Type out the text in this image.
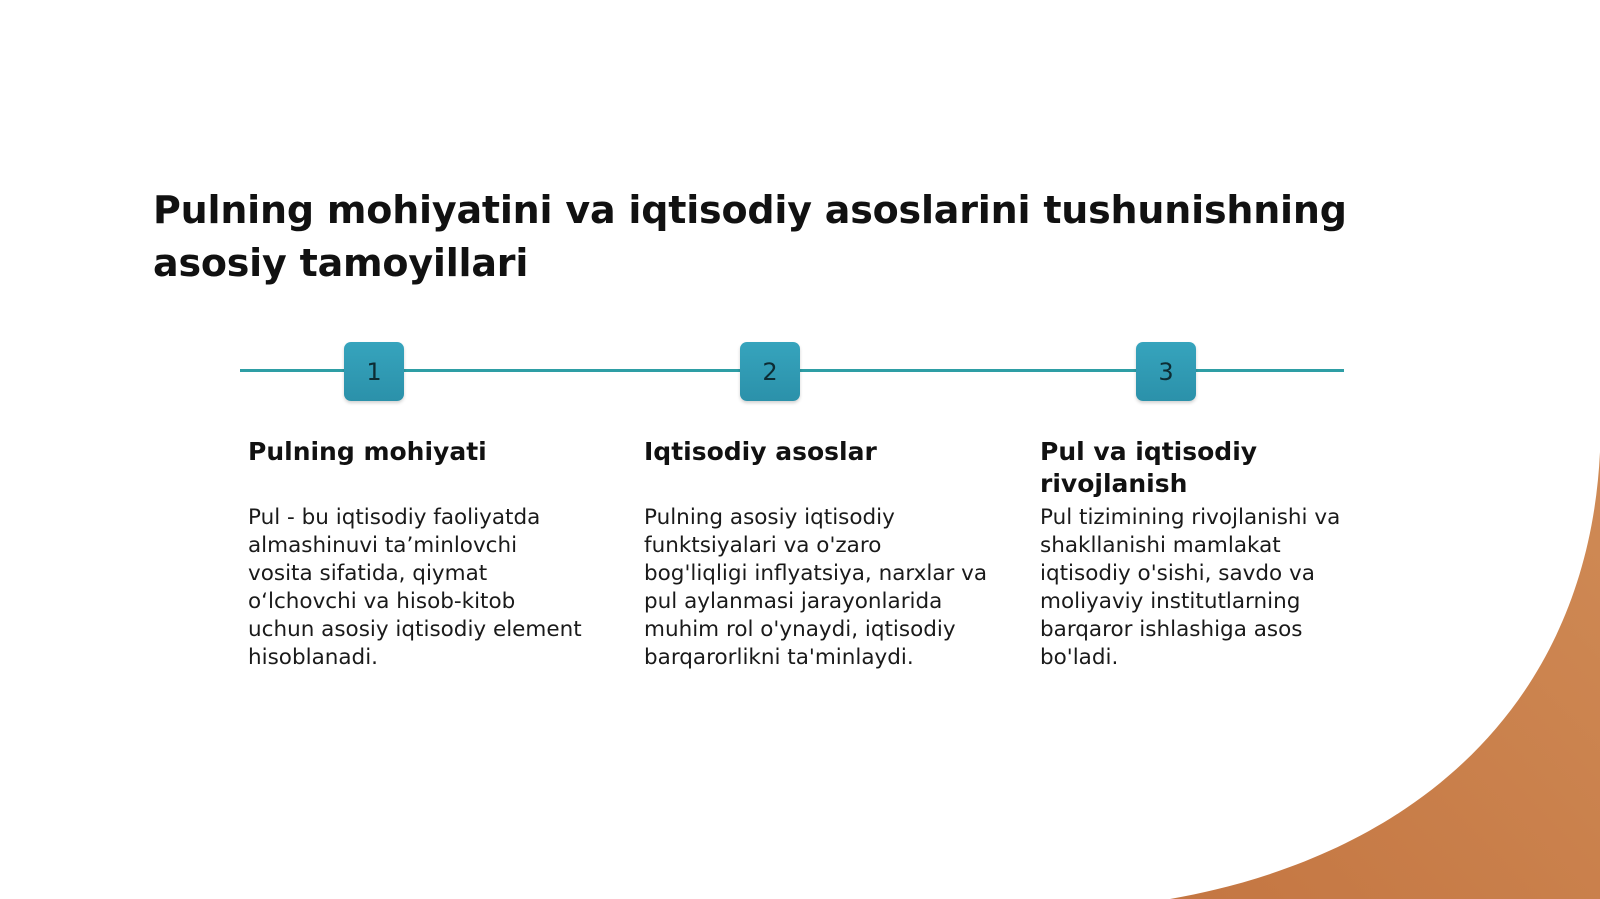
Pulning mohiyatini va iqtisodiy asoslarini tushunishning asosiy tamoyillari
1	2	3
Pulning mohiyati

Pul - bu iqtisodiy faoliyatda almashinuvi ta’minlovchi vosita sifatida, qiymat o‘lchovchi va hisob-kitob uchun asosiy iqtisodiy element hisoblanadi.

Iqtisodiy asoslar

Pulning asosiy iqtisodiy funktsiyalari va o'zaro bog'liqligi inflyatsiya, narxlar va pul aylanmasi jarayonlarida muhim rol o'ynaydi, iqtisodiy barqarorlikni ta'minlaydi.

Pul va iqtisodiy rivojlanish

Pul tizimining rivojlanishi va shakllanishi mamlakat iqtisodiy o'sishi, savdo va moliyaviy institutlarning barqaror ishlashiga asos bo'ladi.
